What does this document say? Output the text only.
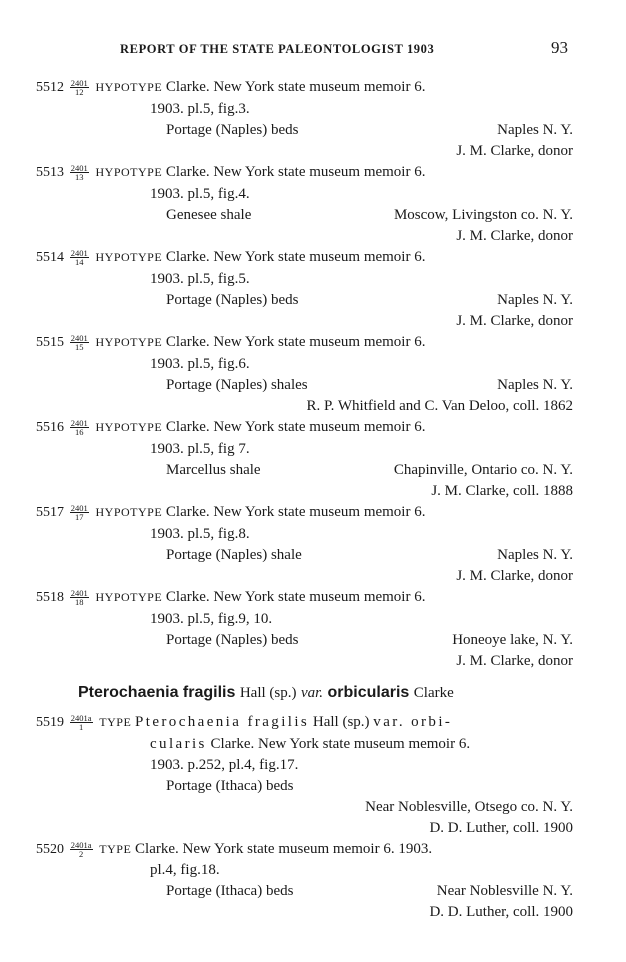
REPORT OF THE STATE PALEONTOLOGIST 1903	93
$5512 \frac{2401}{12}$ HYPOTYPE Clarke. New York state museum memoir 6.
1903. pl.5, fig.3.
Portage (Naples) beds	Naples N. Y.
J. M. Clarke, donor
$5513 \frac{2401}{13}$ HYPOTYPE Clarke. New York state museum memoir 6.
1903. pl.5, fig.4.
Genesee shale	Moscow, Livingston co. N. Y.
J. M. Clarke, donor
$5514 \frac{2401}{14}$ HYPOTYPE Clarke. New York state museum memoir 6.
1903. pl.5, fig.5.
Portage (Naples) beds	Naples N. Y.
J. M. Clarke, donor
$5515 \frac{2401}{15}$ HYPOTYPE Clarke. New York state museum memoir 6.
1903. pl.5, fig.6.
Portage (Naples) shales	Naples N. Y.
R. P. Whitfield and C. Van Deloo, coll. 1862
$5516 \frac{2401}{16}$ HYPOTYPE Clarke. New York state museum memoir 6.
1903. pl.5, fig 7.
Marcellus shale	Chapinville, Ontario co. N. Y.
J. M. Clarke, coll. 1888
$5517 \frac{2401}{17}$ HYPOTYPE Clarke. New York state museum memoir 6.
1903. pl.5, fig.8.
Portage (Naples) shale	Naples N. Y.
J. M. Clarke, donor
$5518 \frac{2401}{18}$ HYPOTYPE Clarke. New York state museum memoir 6.
1903. pl.5, fig.9, 10.
Portage (Naples) beds	Honeoye lake, N. Y.
J. M. Clarke, donor
Pterochaenia fragilis Hall (sp.) var. orbicularis Clarke
$5519 \frac{2401a}{1}$ TYPE Pterochaenia fragilis Hall (sp.) var. orbi-
cularis Clarke. New York state museum memoir 6.
1903. p.252, pl.4, fig.17.
Portage (Ithaca) beds
Near Noblesville, Otsego co. N. Y.
D. D. Luther, coll. 1900
$5520 \frac{2401a}{2}$ TYPE Clarke. New York state museum memoir 6. 1903.
pl.4, fig.18.
Portage (Ithaca) beds	Near Noblesville N. Y.
D. D. Luther, coll. 1900
